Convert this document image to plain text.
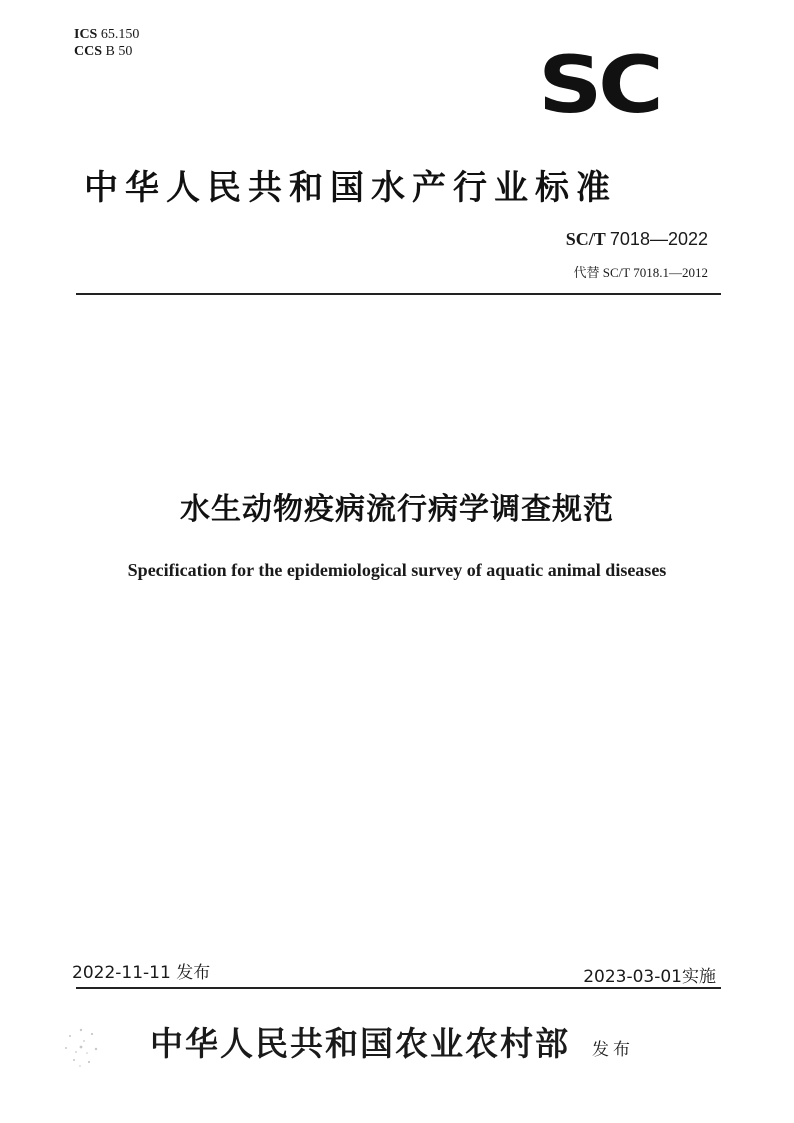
ICS 65.150
CCS B 50	SC
中华人民共和国水产行业标准
SC/T 7018—2022
代替 SC/T 7018.1—2012
水生动物疫病流行病学调查规范
Specification for the epidemiological survey of aquatic animal diseases
2022-11-11 发布	2023-03-01实施
中华人民共和国农业农村部 发布
